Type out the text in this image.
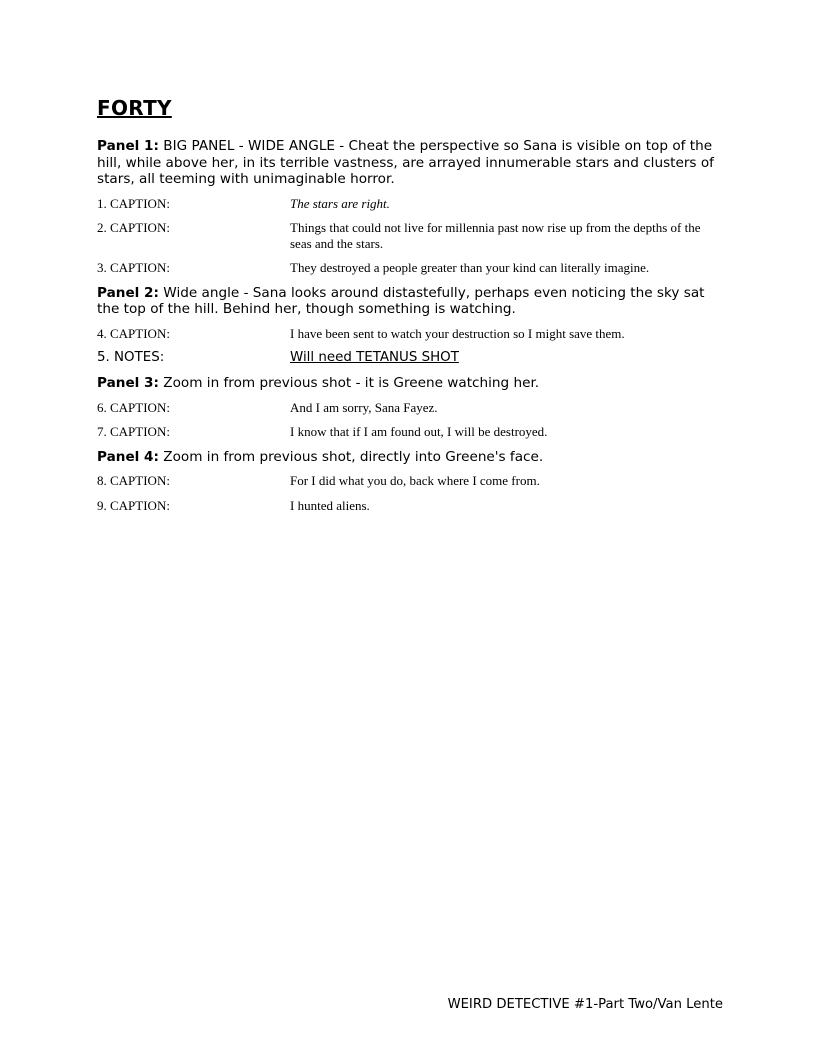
FORTY

Panel 1: BIG PANEL - WIDE ANGLE - Cheat the perspective so Sana is visible on top of the hill, while above her, in its terrible vastness, are arrayed innumerable stars and clusters of stars, all teeming with unimaginable horror.

1. CAPTION:	The stars are right.
2. CAPTION:	Things that could not live for millennia past now rise up from the depths of the seas and the stars.
3. CAPTION:	They destroyed a people greater than your kind can literally imagine.

Panel 2: Wide angle - Sana looks around distastefully, perhaps even noticing the sky sat the top of the hill. Behind her, though something is watching.

4. CAPTION:	I have been sent to watch your destruction so I might save them.
5. NOTES:	Will need TETANUS SHOT

Panel 3: Zoom in from previous shot - it is Greene watching her.

6. CAPTION:	And I am sorry, Sana Fayez.
7. CAPTION:	I know that if I am found out, I will be destroyed.

Panel 4: Zoom in from previous shot, directly into Greene's face.

8. CAPTION:	For I did what you do, back where I come from.
9. CAPTION:	I hunted aliens.
WEIRD DETECTIVE #1-Part Two/Van Lente
